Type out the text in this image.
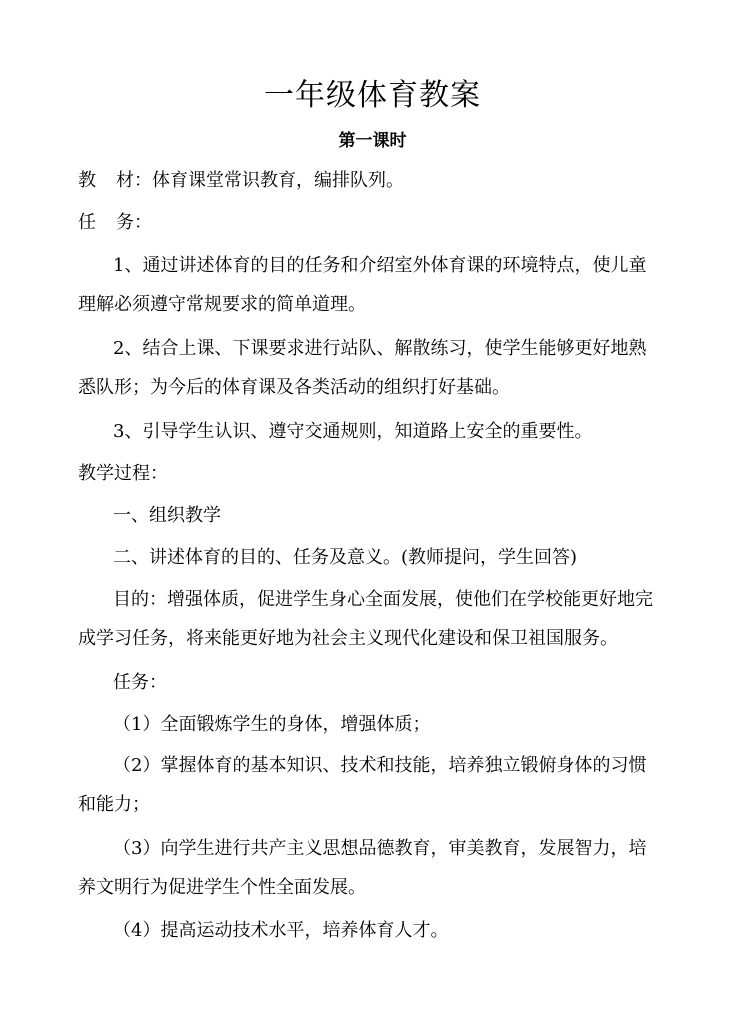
一年级体育教案
第一课时
教 材：体育课堂常识教育，编排队列。
任 务：
1、通过讲述体育的目的任务和介绍室外体育课的环境特点，使儿童
理解必须遵守常规要求的简单道理。
2、结合上课、下课要求进行站队、解散练习，使学生能够更好地熟
悉队形；为今后的体育课及各类活动的组织打好基础。
3、引导学生认识、遵守交通规则，知道路上安全的重要性。
教学过程：
一、组织教学
二、讲述体育的目的、任务及意义。(教师提问，学生回答)
目的：增强体质，促进学生身心全面发展，使他们在学校能更好地完
成学习任务，将来能更好地为社会主义现代化建设和保卫祖国服务。
任务：
（1）全面锻炼学生的身体，增强体质；
（2）掌握体育的基本知识、技术和技能，培养独立锻俯身体的习惯
和能力；
（3）向学生进行共产主义思想品德教育，审美教育，发展智力，培
养文明行为促进学生个性全面发展。
（4）提高运动技术水平，培养体育人才。
